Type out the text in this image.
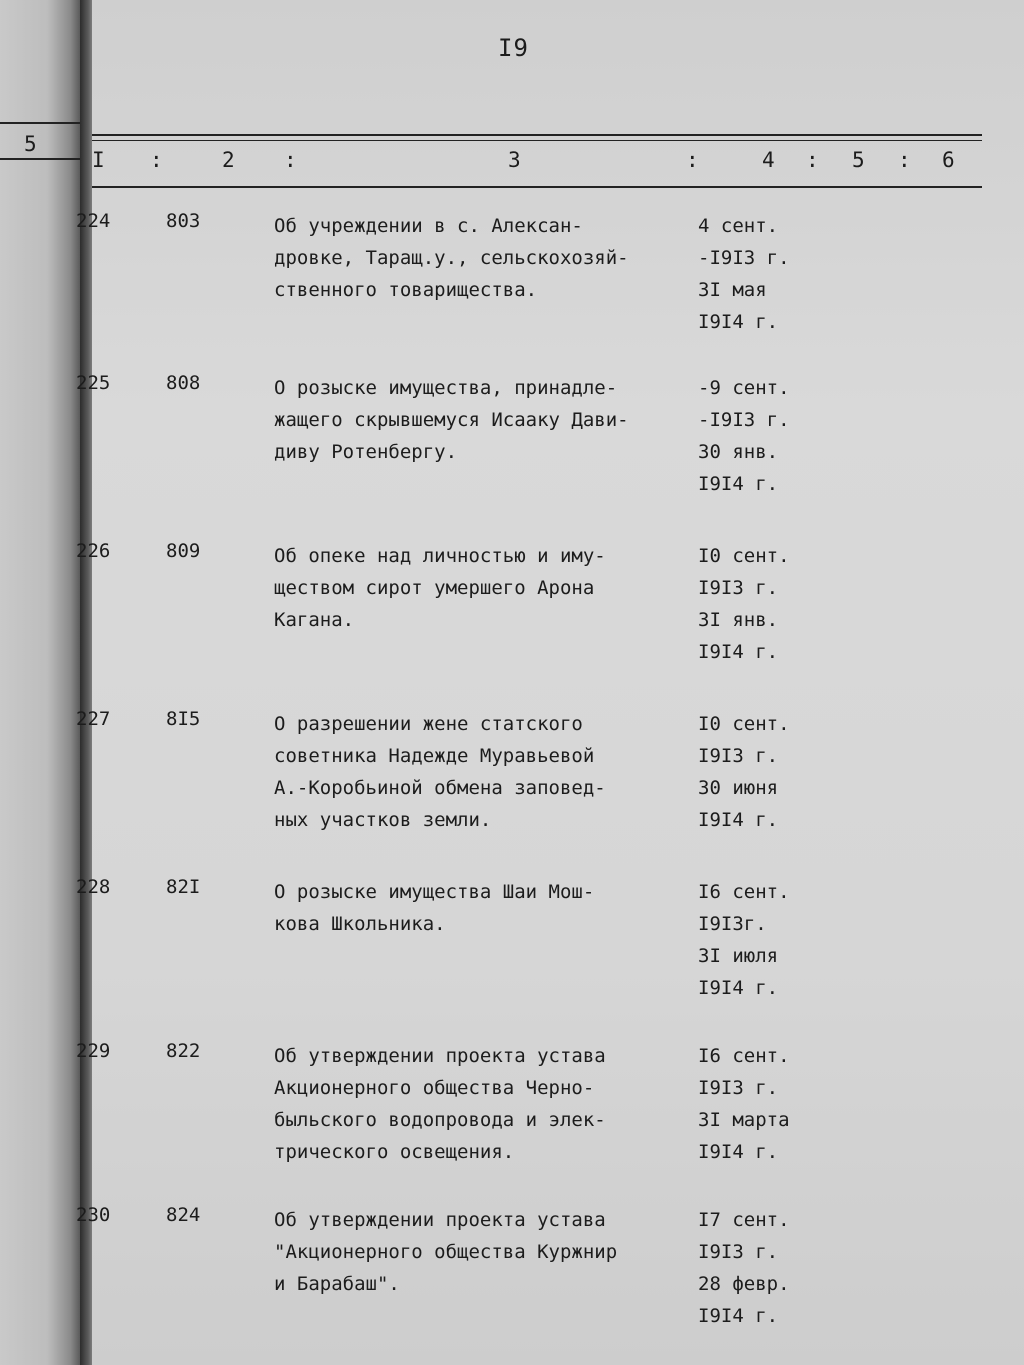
5
I9
I :	2 :	3	:	4 : 5 : 6
224	803	Об учреждении в с. Алексан-
дровке, Таращ.у., сельскохозяй-
ственного товарищества.
4 сент.
-I9I3 г.
ЗI мая
I9I4 г.
225	808	О розыске имущества, принадле-
жащего скрывшемуся Исааку Дави-
диву Ротенбергу.
-9 сент.
-I9I3 г.
30 янв.
I9I4 г.
226	809	Об опеке над личностью и иму-
ществом сирот умершего Арона
Кагана.
I0 сент.
I9I3 г.
ЗI янв.
I9I4 г.
227	8I5	О разрешении жене статского
советника Надежде Муравьевой
А.-Коробьиной обмена заповед-
ных участков земли.
I0 сент.
I9I3 г.
30 июня
I9I4 г.
228	82I	О розыске имущества Шаи Мош-
кова Школьника.
I6 сент.
I9I3г.
ЗI июля
I9I4 г.
229	822	Об утверждении проекта устава
Акционерного общества Черно-
быльского водопровода и элек-
трического освещения.
I6 сент.
I9I3 г.
ЗI марта
I9I4 г.
230	824	Об утверждении проекта устава
"Акционерного общества Куржнир
и Барабаш".
I7 сент.
I9I3 г.
28 февр.
I9I4 г.
